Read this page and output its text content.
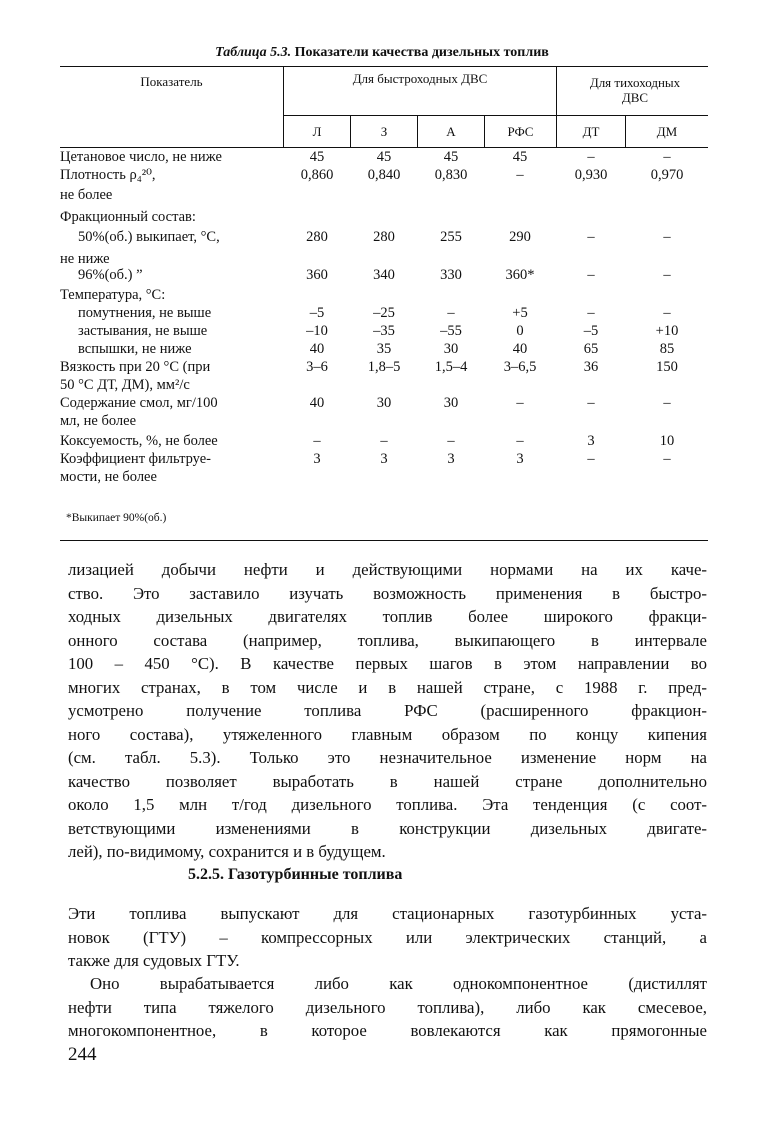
Таблица 5.3. Показатели качества дизельных топлив
Показатель	Для быстроходных ДВС	Для тихоходных ДВС
Л	З	А	РФС	ДТ	ДМ
Цетановое число, не ниже	45	45	45	45	–	–
Плотность ρ₄²⁰,	0,860	0,840	0,830	–	0,930	0,970
не более
Фракционный состав:
50%(об.) выкипает, °С,	280	280	255	290	–	–
не ниже
96%(об.) ”	360	340	330	360*	–	–
Температура, °С:
помутнения, не выше	–5	–25	–	+5	–	–
застывания, не выше	–10	–35	–55	0	–5	+10
вспышки, не ниже	40	35	30	40	65	85
Вязкость при 20 °С (при	3–6	1,8–5	1,5–4	3–6,5	36	150
50 °С ДТ, ДМ), мм²/с
Содержание смол, мг/100	40	30	30	–	–	–
мл, не более
Коксуемость, %, не более	–	–	–	–	3	10
Коэффициент фильтруе-	3	3	3	3	–	–
мости, не более
*Выкипает 90%(об.)
лизацией добычи нефти и действующими нормами на их каче-
ство. Это заставило изучать возможность применения в быстро-
ходных дизельных двигателях топлив более широкого фракци-
онного состава (например, топлива, выкипающего в интервале
100 – 450 °С). В качестве первых шагов в этом направлении во
многих странах, в том числе и в нашей стране, с 1988 г. пред-
усмотрено получение топлива РФС (расширенного фракцион-
ного состава), утяжеленного главным образом по концу кипения
(см. табл. 5.3). Только это незначительное изменение норм на
качество позволяет выработать в нашей стране дополнительно
около 1,5 млн т/год дизельного топлива. Эта тенденция (с соот-
ветствующими изменениями в конструкции дизельных двигате-
лей), по-видимому, сохранится и в будущем.
5.2.5. Газотурбинные топлива
Эти топлива выпускают для стационарных газотурбинных уста-
новок (ГТУ) – компрессорных или электрических станций, а
также для судовых ГТУ.
Оно вырабатывается либо как однокомпонентное (дистиллят
нефти типа тяжелого дизельного топлива), либо как смесевое,
многокомпонентное, в которое вовлекаются как прямогонные
244
